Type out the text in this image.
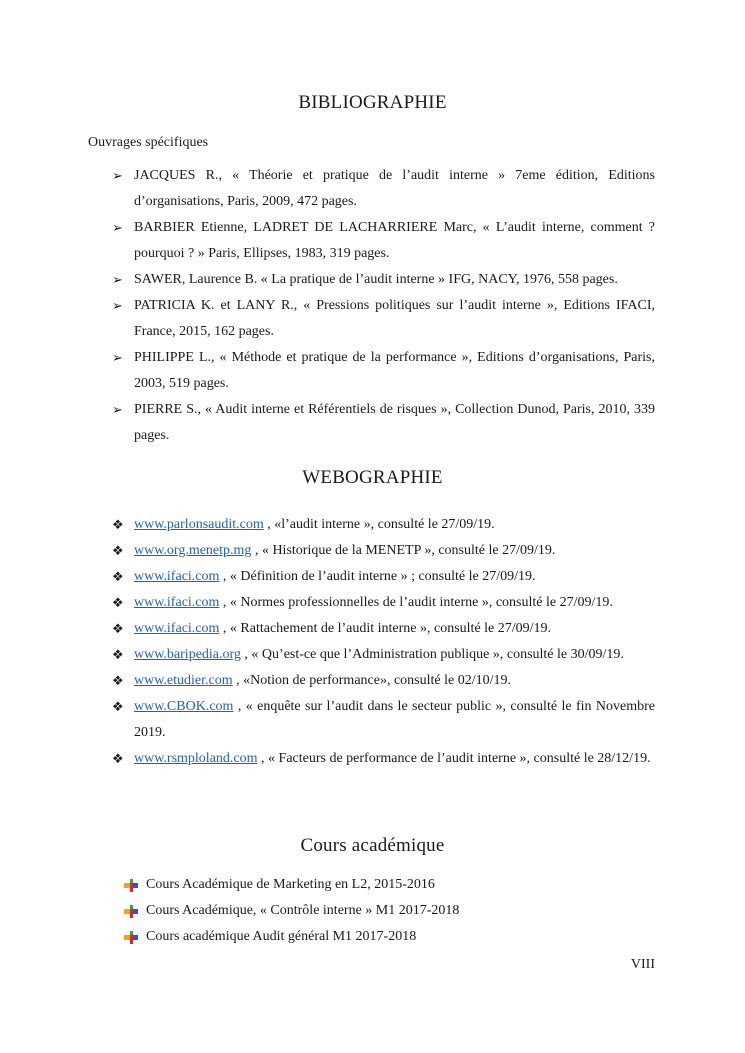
BIBLIOGRAPHIE

Ouvrages spécifiques

➢ JACQUES R., « Théorie et pratique de l’audit interne » 7eme édition, Editions d’organisations, Paris, 2009, 472 pages.
➢ BARBIER Etienne, LADRET DE LACHARRIERE Marc, « L’audit interne, comment ? pourquoi ? » Paris, Ellipses, 1983, 319 pages.
➢ SAWER, Laurence B. « La pratique de l’audit interne » IFG, NACY, 1976, 558 pages.
➢ PATRICIA K. et LANY R., « Pressions politiques sur l’audit interne », Editions IFACI, France, 2015, 162 pages.
➢ PHILIPPE L., « Méthode et pratique de la performance », Editions d’organisations, Paris, 2003, 519 pages.
➢ PIERRE S., « Audit interne et Référentiels de risques », Collection Dunod, Paris, 2010, 339 pages.
WEBOGRAPHIE
❖ www.parlonsaudit.com , «l’audit interne », consulté le 27/09/19.
❖ www.org.menetp.mg , « Historique de la MENETP », consulté le 27/09/19.
❖ www.ifaci.com , « Définition de l’audit interne » ; consulté le 27/09/19.
❖ www.ifaci.com , « Normes professionnelles de l’audit interne », consulté le 27/09/19.
❖ www.ifaci.com , « Rattachement de l’audit interne », consulté le 27/09/19.
❖ www.baripedia.org , « Qu’est-ce que l’Administration publique », consulté le 30/09/19.
❖ www.etudier.com , «Notion de performance», consulté le 02/10/19.
❖ www.CBOK.com , « enquête sur l’audit dans le secteur public », consulté le fin Novembre 2019.
❖ www.rsmploland.com , « Facteurs de performance de l’audit interne », consulté le 28/12/19.
Cours académique
Cours Académique de Marketing en L2, 2015-2016
Cours Académique, « Contrôle interne » M1 2017-2018
Cours académique Audit général M1 2017-2018

VIII
